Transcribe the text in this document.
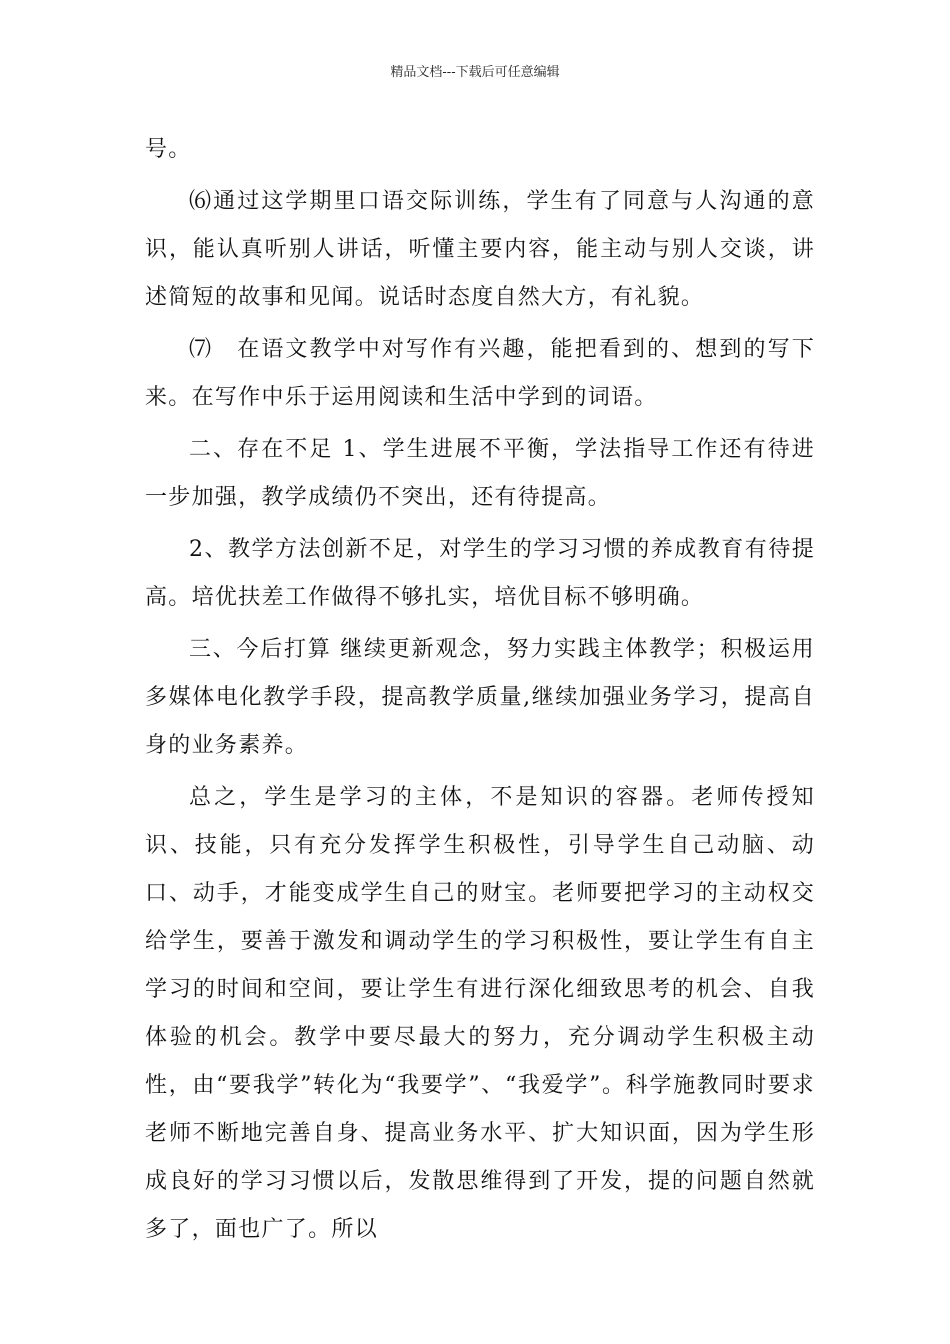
精品文档---下载后可任意编辑

号。

⑹通过这学期里口语交际训练，学生有了同意与人沟通的意识，能认真听别人讲话，听懂主要内容，能主动与别人交谈，讲述简短的故事和见闻。说话时态度自然大方，有礼貌。

⑺　在语文教学中对写作有兴趣，能把看到的、想到的写下来。在写作中乐于运用阅读和生活中学到的词语。

二、存在不足 1、学生进展不平衡，学法指导工作还有待进一步加强，教学成绩仍不突出，还有待提高。

2、教学方法创新不足，对学生的学习习惯的养成教育有待提高。培优扶差工作做得不够扎实，培优目标不够明确。

三、今后打算 继续更新观念，努力实践主体教学；积极运用多媒体电化教学手段，提高教学质量,继续加强业务学习，提高自身的业务素养。

总之，学生是学习的主体，不是知识的容器。老师传授知识、技能，只有充分发挥学生积极性，引导学生自己动脑、动口、动手，才能变成学生自己的财宝。老师要把学习的主动权交给学生，要善于激发和调动学生的学习积极性，要让学生有自主学习的时间和空间，要让学生有进行深化细致思考的机会、自我体验的机会。教学中要尽最大的努力，充分调动学生积极主动性，由“要我学”转化为“我要学”、“我爱学”。科学施教同时要求老师不断地完善自身、提高业务水平、扩大知识面，因为学生形成良好的学习习惯以后，发散思维得到了开发，提的问题自然就多了，面也广了。所以
